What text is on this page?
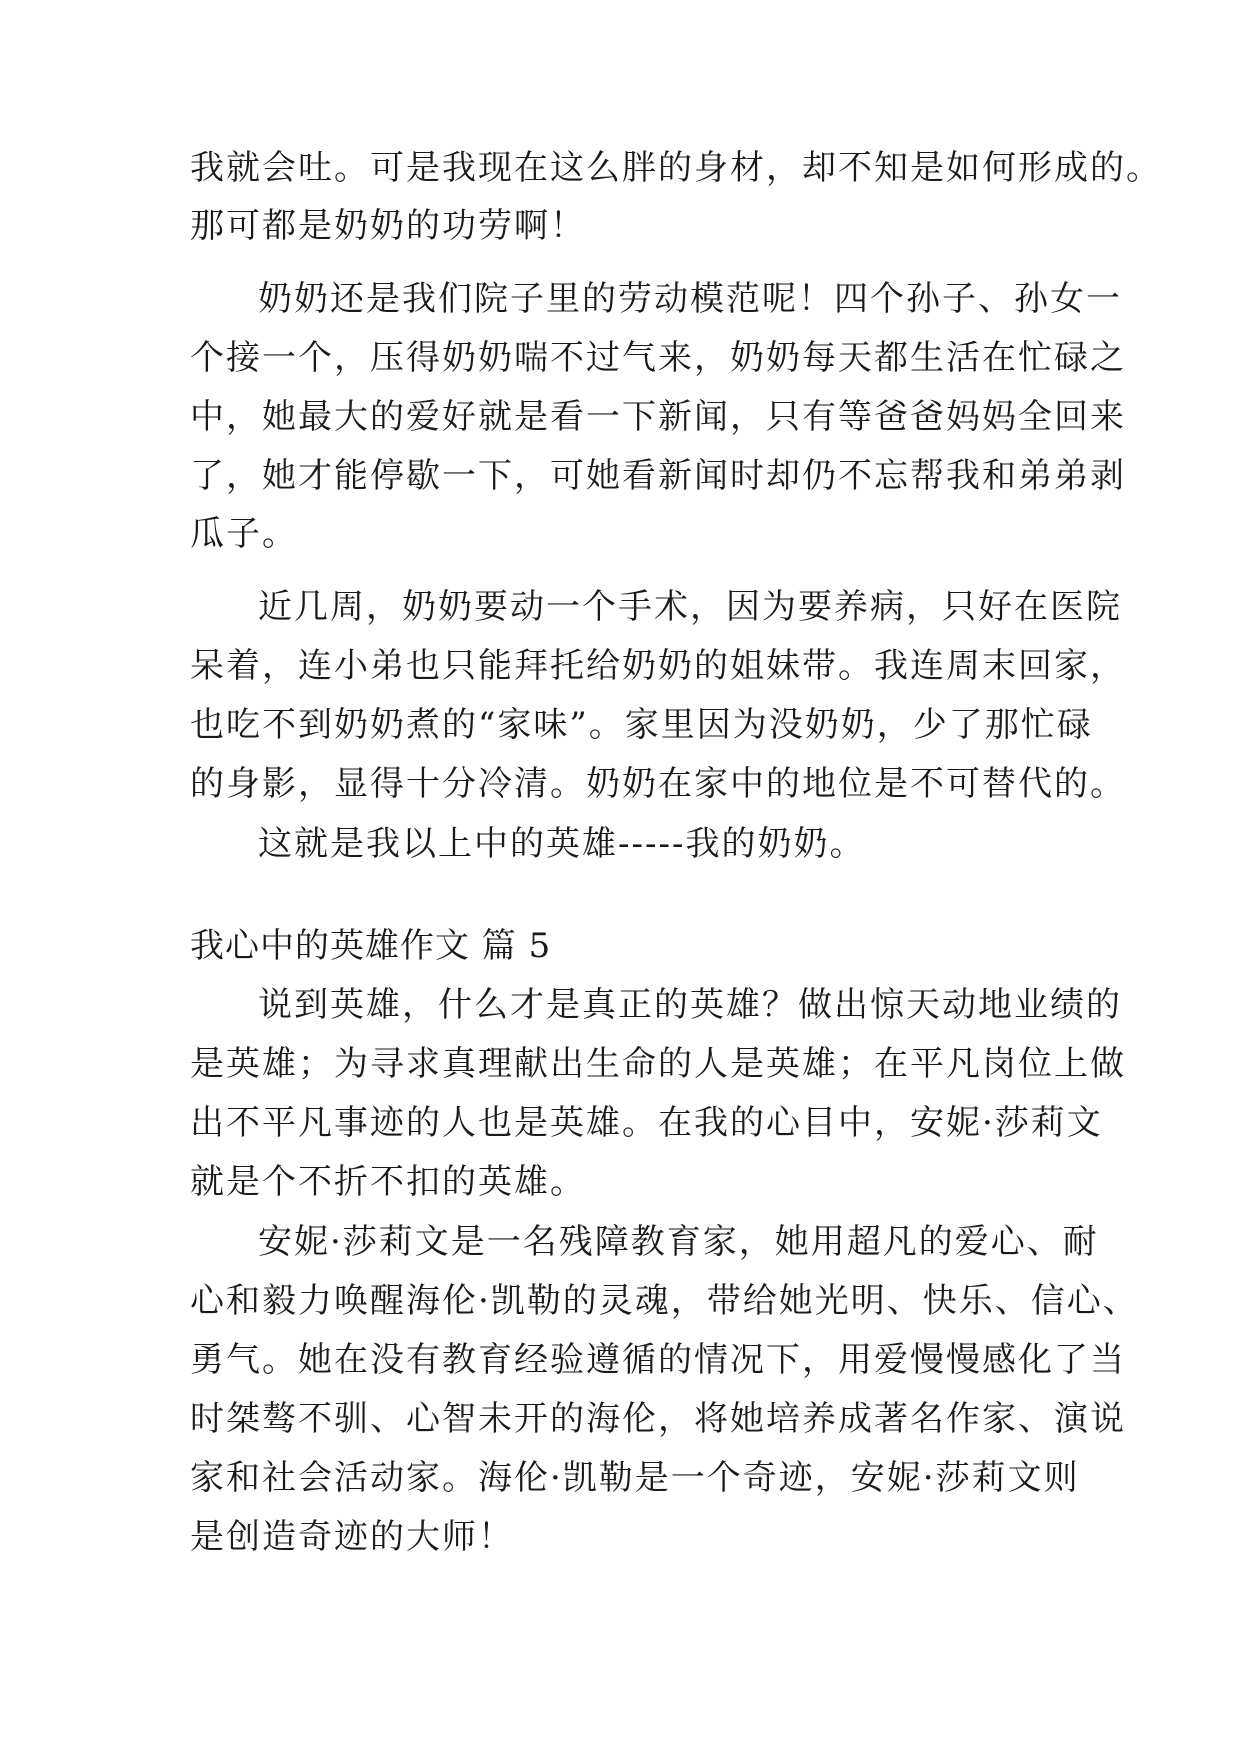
我就会吐。可是我现在这么胖的身材，却不知是如何形成的。
那可都是奶奶的功劳啊！
奶奶还是我们院子里的劳动模范呢！四个孙子、孙女一
个接一个，压得奶奶喘不过气来，奶奶每天都生活在忙碌之
中，她最大的爱好就是看一下新闻，只有等爸爸妈妈全回来
了，她才能停歇一下，可她看新闻时却仍不忘帮我和弟弟剥
瓜子。
近几周，奶奶要动一个手术，因为要养病，只好在医院
呆着，连小弟也只能拜托给奶奶的姐妹带。我连周末回家，
也吃不到奶奶煮的“家味”。家里因为没奶奶，少了那忙碌
的身影，显得十分冷清。奶奶在家中的地位是不可替代的。
这就是我以上中的英雄-----我的奶奶。
我心中的英雄作文 篇 5
说到英雄，什么才是真正的英雄？做出惊天动地业绩的
是英雄；为寻求真理献出生命的人是英雄；在平凡岗位上做
出不平凡事迹的人也是英雄。在我的心目中，安妮·莎莉文
就是个不折不扣的英雄。
安妮·莎莉文是一名残障教育家，她用超凡的爱心、耐
心和毅力唤醒海伦·凯勒的灵魂，带给她光明、快乐、信心、
勇气。她在没有教育经验遵循的情况下，用爱慢慢感化了当
时桀骜不驯、心智未开的海伦，将她培养成著名作家、演说
家和社会活动家。海伦·凯勒是一个奇迹，安妮·莎莉文则
是创造奇迹的大师！
